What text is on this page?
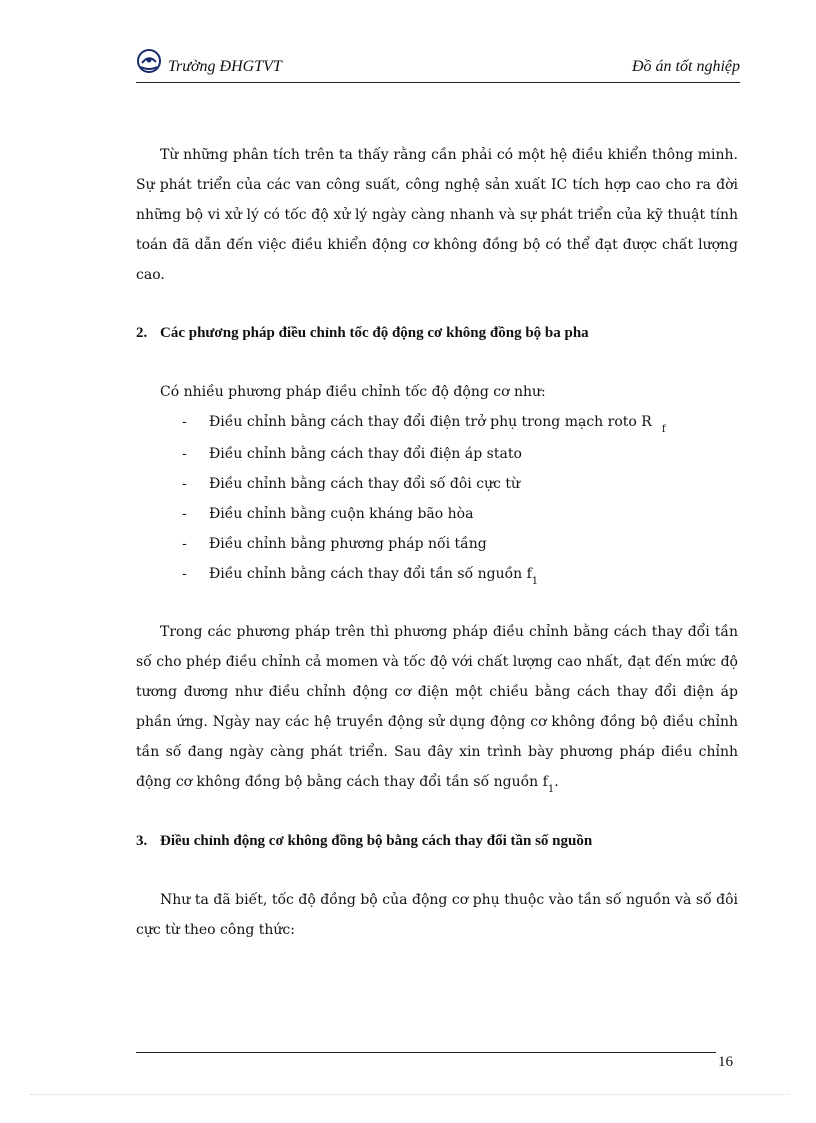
Trường ĐHGTVT	Đồ án tốt nghiệp

Từ những phân tích trên ta thấy rằng cần phải có một hệ điều khiển thông minh. Sự phát triển của các van công suất, công nghệ sản xuất IC tích hợp cao cho ra đời những bộ vi xử lý có tốc độ xử lý ngày càng nhanh và sự phát triển của kỹ thuật tính toán đã dẫn đến việc điều khiển động cơ không đồng bộ có thể đạt được chất lượng cao.

2. Các phương pháp điều chỉnh tốc độ động cơ không đồng bộ ba pha

Có nhiều phương pháp điều chỉnh tốc độ động cơ như:

- Điều chỉnh bằng cách thay đổi điện trở phụ trong mạch roto R $_f$
- Điều chỉnh bằng cách thay đổi điện áp stato
- Điều chỉnh bằng cách thay đổi số đôi cực từ
- Điều chỉnh bằng cuộn kháng bão hòa
- Điều chỉnh bằng phương pháp nối tầng
- Điều chỉnh bằng cách thay đổi tần số nguồn $f_1$

Trong các phương pháp trên thì phương pháp điều chỉnh bằng cách thay đổi tần số cho phép điều chỉnh cả momen và tốc độ với chất lượng cao nhất, đạt đến mức độ tương đương như điều chỉnh động cơ điện một chiều bằng cách thay đổi điện áp phần ứng. Ngày nay các hệ truyền động sử dụng động cơ không đồng bộ điều chỉnh tần số đang ngày càng phát triển. Sau đây xin trình bày phương pháp điều chỉnh động cơ không đồng bộ bằng cách thay đổi tần số nguồn $f_1$.

3. Điều chỉnh động cơ không đồng bộ bằng cách thay đổi tần số nguồn

Như ta đã biết, tốc độ đồng bộ của động cơ phụ thuộc vào tần số nguồn và số đôi cực từ theo công thức:

16
